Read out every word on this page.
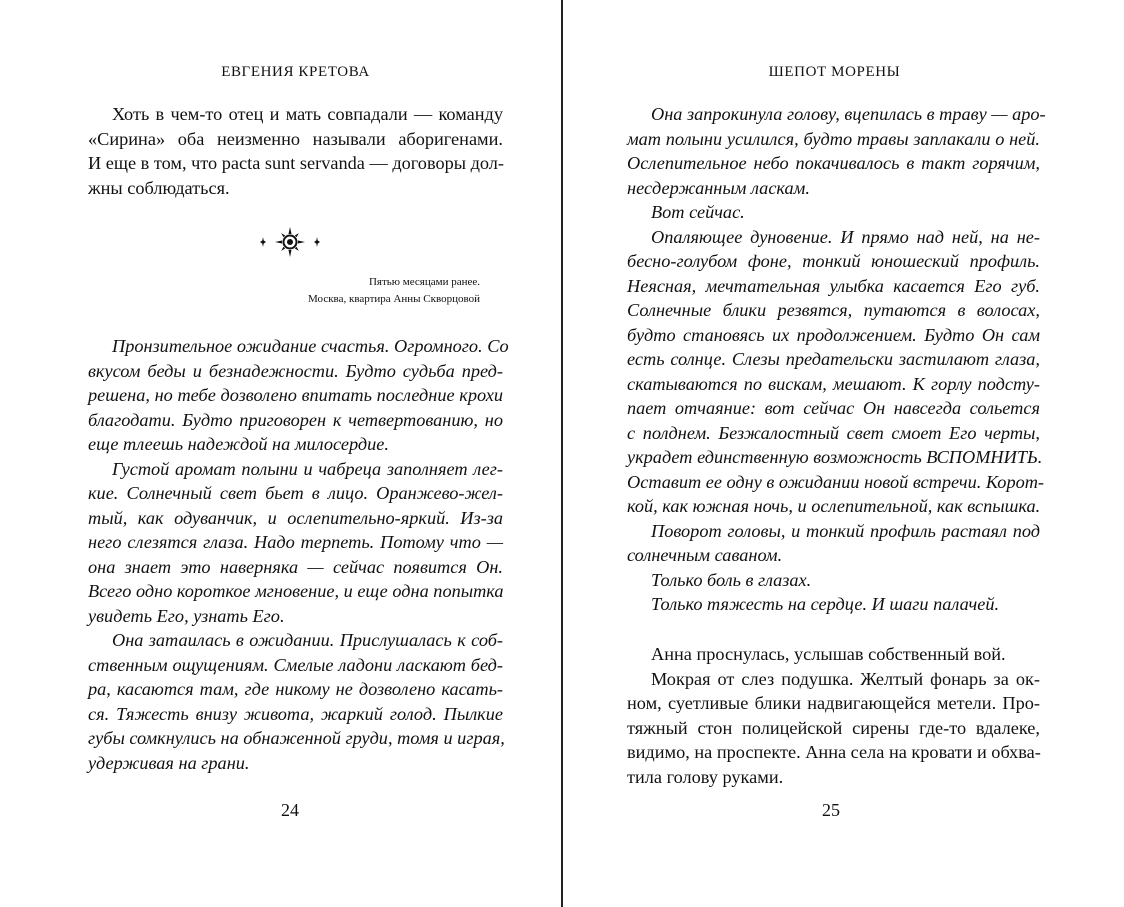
ЕВГЕНИЯ КРЕТОВА
Хоть в чем-то отец и мать совпадали — команду
«Сирина» оба неизменно называли аборигенами.
И еще в том, что pacta sunt servanda — договоры дол-
жны соблюдаться.
Пятью месяцами ранее.
Москва, квартира Анны Скворцовой
Пронзительное ожидание счастья. Огромного. Со
вкусом беды и безнадежности. Будто судьба пред-
решена, но тебе дозволено впитать последние крохи
благодати. Будто приговорен к четвертованию, но
еще тлеешь надеждой на милосердие.
Густой аромат полыни и чабреца заполняет лег-
кие. Солнечный свет бьет в лицо. Оранжево-жел-
тый, как одуванчик, и ослепительно-яркий. Из-за
него слезятся глаза. Надо терпеть. Потому что —
она знает это наверняка — сейчас появится Он.
Всего одно короткое мгновение, и еще одна попытка
увидеть Его, узнать Его.
Она затаилась в ожидании. Прислушалась к соб-
ственным ощущениям. Смелые ладони ласкают бед-
ра, касаются там, где никому не дозволено касать-
ся. Тяжесть внизу живота, жаркий голод. Пылкие
губы сомкнулись на обнаженной груди, томя и играя,
удерживая на грани.
24
ШЕПОТ МОРЕНЫ
Она запрокинула голову, вцепилась в траву — аро-
мат полыни усилился, будто травы заплакали о ней.
Ослепительное небо покачивалось в такт горячим,
несдержанным ласкам.
Вот сейчас.
Опаляющее дуновение. И прямо над ней, на не-
бесно-голубом фоне, тонкий юношеский профиль.
Неясная, мечтательная улыбка касается Его губ.
Солнечные блики резвятся, путаются в волосах,
будто становясь их продолжением. Будто Он сам
есть солнце. Слезы предательски застилают глаза,
скатываются по вискам, мешают. К горлу подсту-
пает отчаяние: вот сейчас Он навсегда сольется
с полднем. Безжалостный свет смоет Его черты,
украдет единственную возможность ВСПОМНИТЬ.
Оставит ее одну в ожидании новой встречи. Корот-
кой, как южная ночь, и ослепительной, как вспышка.
Поворот головы, и тонкий профиль растаял под
солнечным саваном.
Только боль в глазах.
Только тяжесть на сердце. И шаги палачей.
Анна проснулась, услышав собственный вой.
Мокрая от слез подушка. Желтый фонарь за ок-
ном, суетливые блики надвигающейся метели. Про-
тяжный стон полицейской сирены где-то вдалеке,
видимо, на проспекте. Анна села на кровати и обхва-
тила голову руками.
25
